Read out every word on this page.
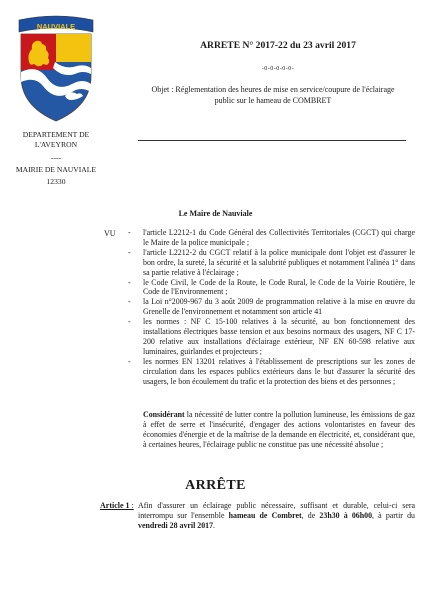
NAUVIALE
DEPARTEMENT DE
L'AVEYRON
----
MAIRIE DE NAUVIALE
12330
ARRETE N° 2017-22 du 23 avril 2017
-0-0-0-0-0-
Objet : Réglementation des heures de mise en service/coupure de l'éclairage
public sur le hameau de COMBRET
Le Maire de Nauviale
VU - l'article L2212-1 du Code Général des Collectivités Territoriales (CGCT) qui charge le Maire de la police municipale ;
- l'article L2212-2 du CGCT relatif à la police municipale dont l'objet est d'assurer le bon ordre, la sureté, la sécurité et la salubrité publiques et notamment l'alinéa 1° dans sa partie relative à l'éclairage ;
- le Code Civil, le Code de la Route, le Code Rural, le Code de la Voirie Routière, le Code de l'Environnement ;
- la Loi n°2009-967 du 3 août 2009 de programmation relative à la mise en œuvre du Grenelle de l'environnement et notamment son article 41
- les normes : NF C 15-100 relatives à la sécurité, au bon fonctionnement des installations électriques basse tension et aux besoins normaux des usagers, NF C 17-200 relative aux installations d'éclairage extérieur, NF EN 60-598 relative aux luminaires, guirlandes et projecteurs ;
- les normes EN 13201 relatives à l'établissement de prescriptions sur les zones de circulation dans les espaces publics extérieurs dans le but d'assurer la sécurité des usagers, le bon écoulement du trafic et la protection des biens et des personnes ;

Considérant la nécessité de lutter contre la pollution lumineuse, les émissions de gaz à effet de serre et l'insécurité, d'engager des actions volontaristes en faveur des économies d'énergie et de la maîtrise de la demande en électricité, et, considérant que, à certaines heures, l'éclairage public ne constitue pas une nécessité absolue ;

ARRÊTE
Article 1 : Afin d'assurer un éclairage public nécessaire, suffisant et durable, celui-ci sera interrompu sur l'ensemble hameau de Combret, de 23h30 à 06h00, à partir du vendredi 28 avril 2017.
